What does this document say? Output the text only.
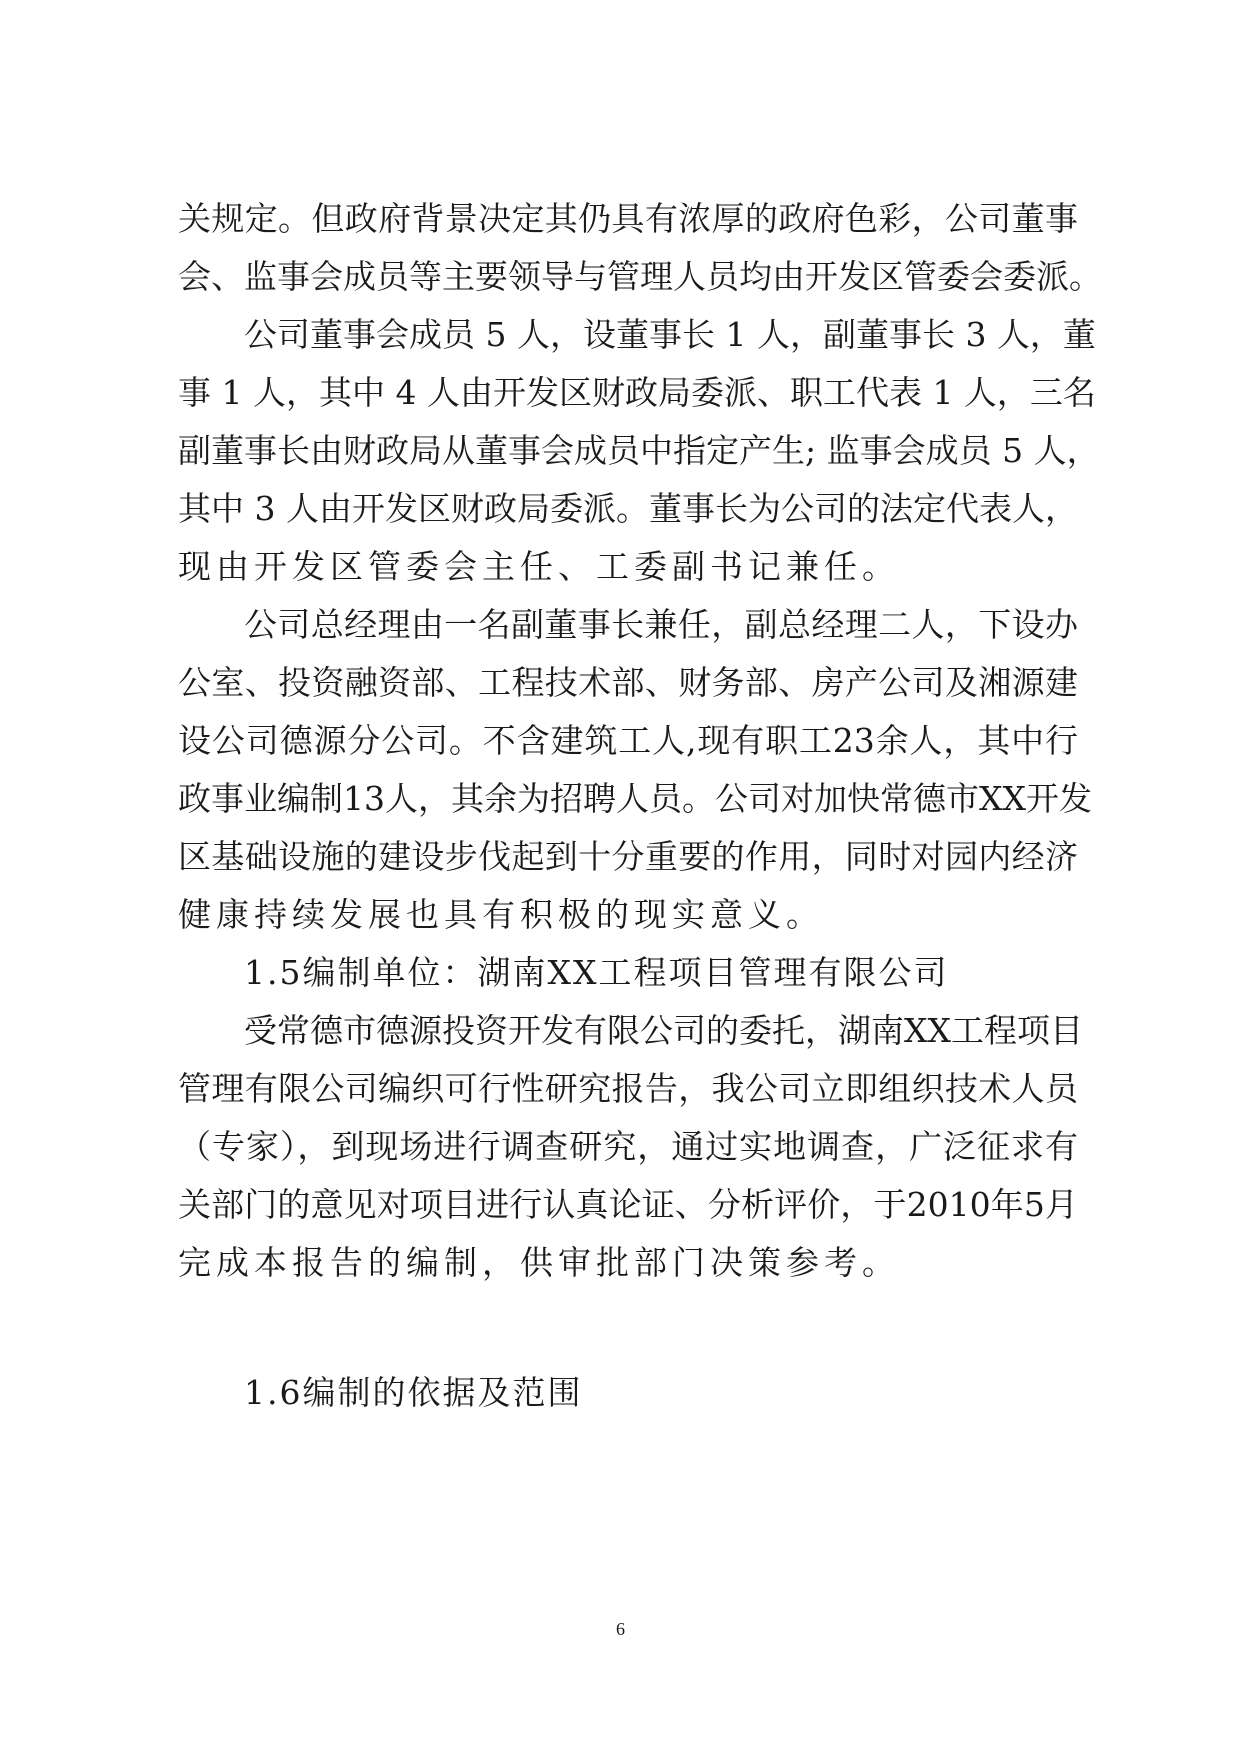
关规定。但政府背景决定其仍具有浓厚的政府色彩，公司董事
会、监事会成员等主要领导与管理人员均由开发区管委会委派。
公司董事会成员 5 人，设董事长 1 人，副董事长 3 人，董
事 1 人，其中 4 人由开发区财政局委派、职工代表 1 人，三名
副董事长由财政局从董事会成员中指定产生; 监事会成员 5 人，
其中 3 人由开发区财政局委派。董事长为公司的法定代表人，
现由开发区管委会主任、工委副书记兼任。
公司总经理由一名副董事长兼任，副总经理二人，下设办
公室、投资融资部、工程技术部、财务部、房产公司及湘源建
设公司德源分公司。不含建筑工人,现有职工23余人，其中行
政事业编制13人，其余为招聘人员。公司对加快常德市XX开发
区基础设施的建设步伐起到十分重要的作用，同时对园内经济
健康持续发展也具有积极的现实意义。
1.5编制单位：湖南XX工程项目管理有限公司
受常德市德源投资开发有限公司的委托，湖南XX工程项目
管理有限公司编织可行性研究报告，我公司立即组织技术人员
（专家），到现场进行调查研究，通过实地调查，广泛征求有
关部门的意见对项目进行认真论证、分析评价，于2010年5月
完成本报告的编制，供审批部门决策参考。
1.6编制的依据及范围
6
